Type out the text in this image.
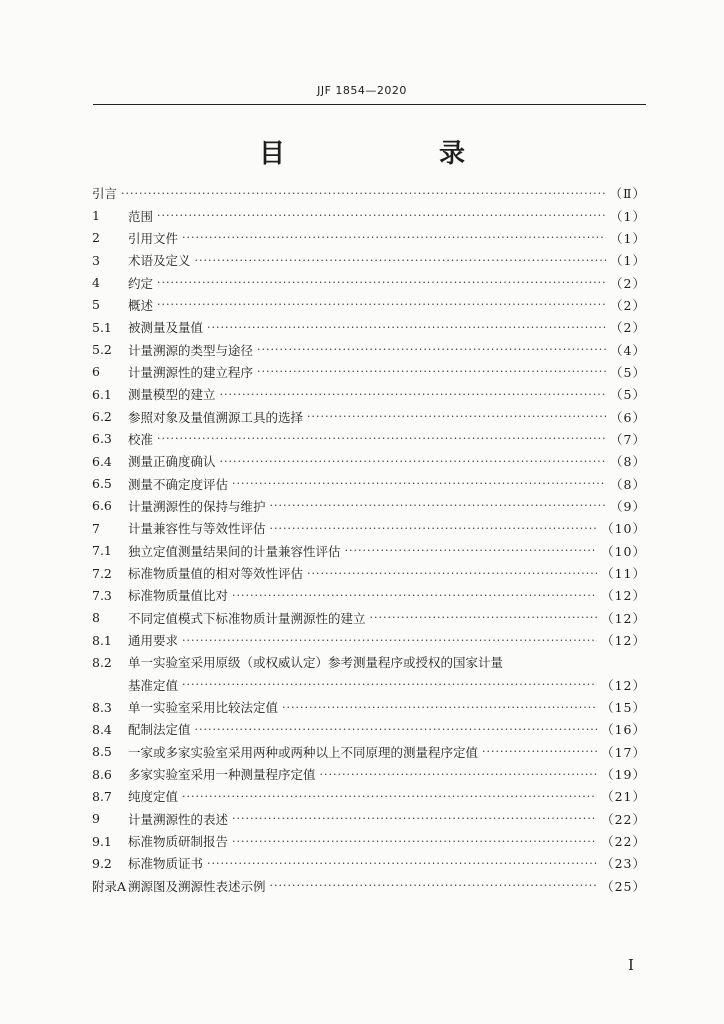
JJF 1854—2020
目　　录
引言 ·····	（Ⅱ）
1	范围 ·····	（1）
2	引用文件 ·····	（1）
3	术语及定义 ·····	（1）
4	约定 ·····	（2）
5	概述 ·····	（2）
5.1	被测量及量值 ·····	（2）
5.2	计量溯源的类型与途径 ·····	（4）
6	计量溯源性的建立程序 ·····	（5）
6.1	测量模型的建立 ·····	（5）
6.2	参照对象及量值溯源工具的选择 ·····	（6）
6.3	校准 ·····	（7）
6.4	测量正确度确认 ·····	（8）
6.5	测量不确定度评估 ·····	（8）
6.6	计量溯源性的保持与维护 ·····	（9）
7	计量兼容性与等效性评估 ·····	（10）
7.1	独立定值测量结果间的计量兼容性评估 ·····	（10）
7.2	标准物质量值的相对等效性评估 ·····	（11）
7.3	标准物质量值比对 ·····	（12）
8	不同定值模式下标准物质计量溯源性的建立 ·····	（12）
8.1	通用要求 ·····	（12）
8.2	单一实验室采用原级（或权威认定）参考测量程序或授权的国家计量
基准定值 ·····	（12）
8.3	单一实验室采用比较法定值 ·····	（15）
8.4	配制法定值 ·····	（16）
8.5	一家或多家实验室采用两种或两种以上不同原理的测量程序定值 ·····	（17）
8.6	多家实验室采用一种测量程序定值 ·····	（19）
8.7	纯度定值 ·····	（21）
9	计量溯源性的表述 ·····	（22）
9.1	标准物质研制报告 ·····	（22）
9.2	标准物质证书 ·····	（23）
附录A 溯源图及溯源性表述示例 ·····	（25）
I
